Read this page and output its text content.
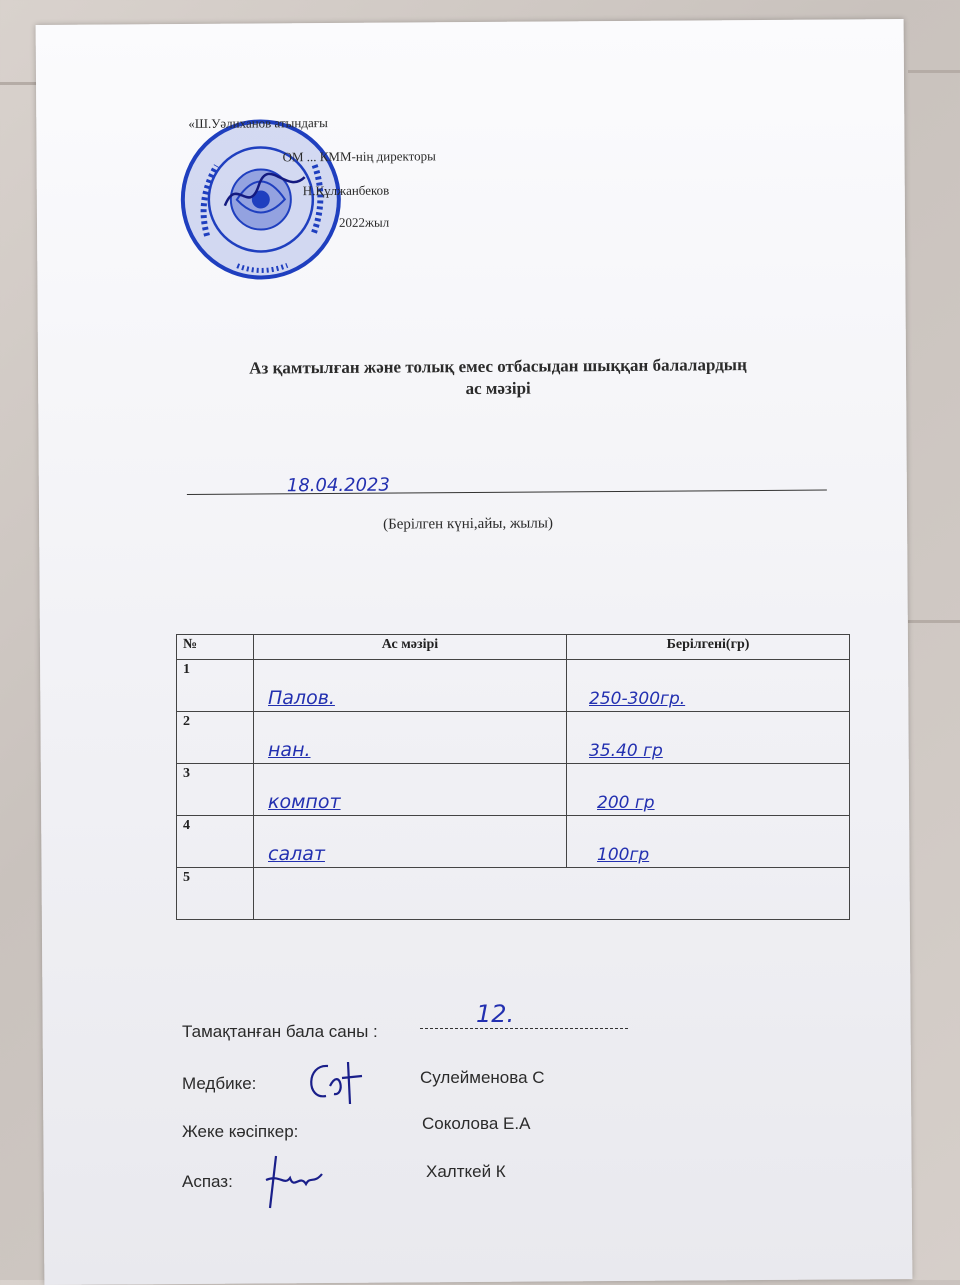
«Ш.Уәлиханов атындағы
ОМ ... КММ-нің директоры
Н.Құлжанбеков
2022жыл
Аз қамтылған және толық емес отбасыдан шыққан балалардың
ас мәзірі
18.04.2023
(Берілген күні,айы, жылы)
№	Ас мәзірі	Берілгені(гр)
1	Палов.	250-300гр.

2	нан.	35.40 гр

3	компот	200 гр

4	салат	100гр

5		
Тамақтанған бала саны :
12.
Медбике:	Сулейменова С
Жеке кәсіпкер:	Соколова Е.А
Аспаз:
Халткей К
